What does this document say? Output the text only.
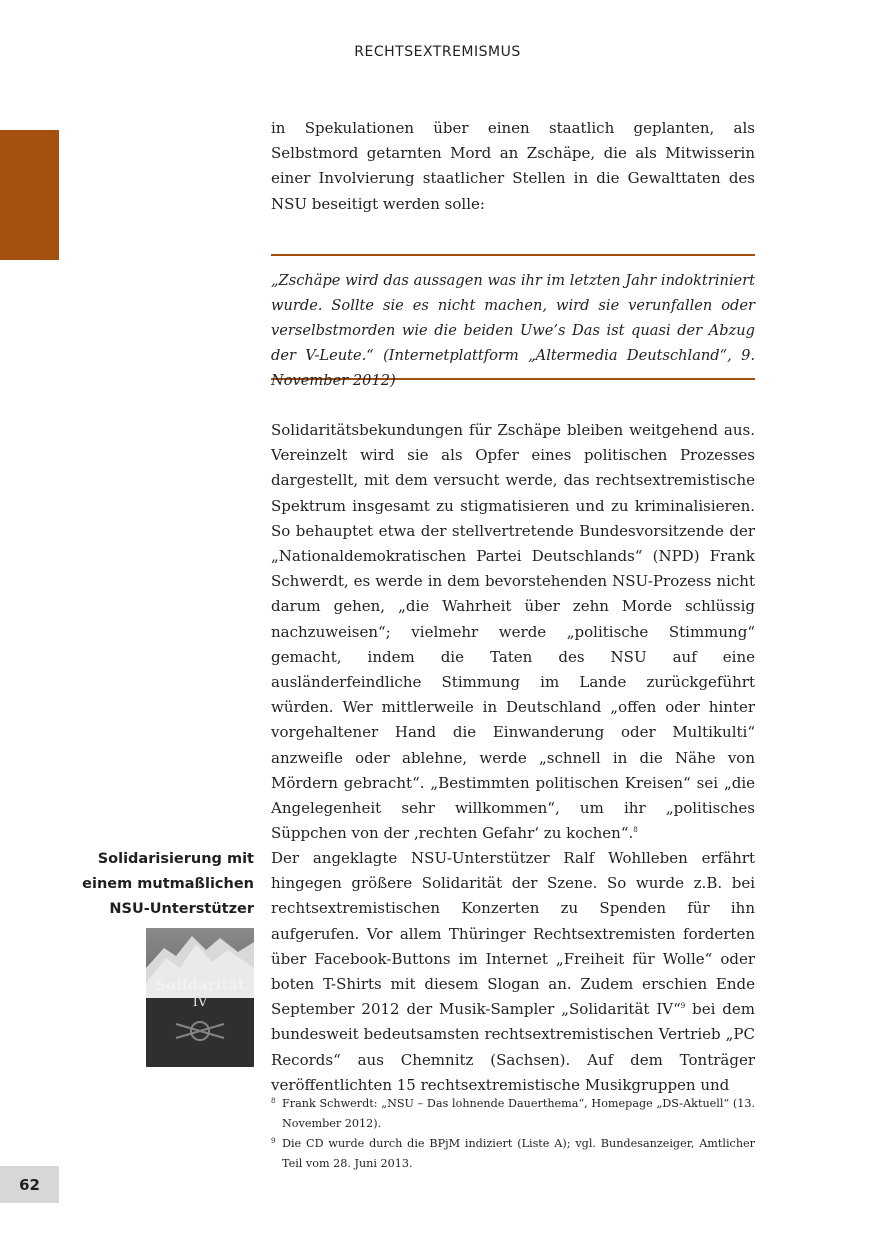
RECHTSEXTREMISMUS

in Spekulationen über einen staatlich geplanten, als Selbstmord getarnten Mord an Zschäpe, die als Mitwisserin einer Involvierung staatlicher Stellen in die Gewalttaten des NSU beseitigt werden solle:

„Zschäpe wird das aussagen was ihr im letzten Jahr indoktriniert wurde. Sollte sie es nicht machen, wird sie verunfallen oder verselbstmorden wie die beiden Uwe’s Das ist quasi der Abzug der V-Leute.“ (Internetplattform „Altermedia Deutschland“, 9. November 2012)

Solidaritätsbekundungen für Zschäpe bleiben weitgehend aus. Vereinzelt wird sie als Opfer eines politischen Prozesses dargestellt, mit dem versucht werde, das rechtsextremistische Spektrum insgesamt zu stigmatisieren und zu kriminalisieren. So behauptet etwa der stellvertretende Bundesvorsitzende der „Nationaldemokratischen Partei Deutschlands“ (NPD) Frank Schwerdt, es werde in dem bevorstehenden NSU-Prozess nicht darum gehen, „die Wahrheit über zehn Morde schlüssig nachzuweisen“; vielmehr werde „politische Stimmung“ gemacht, indem die Taten des NSU auf eine ausländerfeindliche Stimmung im Lande zurückgeführt würden. Wer mittlerweile in Deutschland „offen oder hinter vorgehaltener Hand die Einwanderung oder Multikulti“ anzweifle oder ablehne, werde „schnell in die Nähe von Mördern gebracht“. „Bestimmten politischen Kreisen“ sei „die Angelegenheit sehr willkommen“, um ihr „politisches Süppchen von der ‚rechten Gefahr‘ zu kochen“.$^8$

Solidarisierung mit einem mutmaßlichen NSU-Unterstützer
Solidarität
IV

Der angeklagte NSU-Unterstützer Ralf Wohlleben erfährt hingegen größere Solidarität der Szene. So wurde z.B. bei rechtsextremistischen Konzerten zu Spenden für ihn aufgerufen. Vor allem Thüringer Rechtsextremisten forderten über Facebook-Buttons im Internet „Freiheit für Wolle“ oder boten T-Shirts mit diesem Slogan an. Zudem erschien Ende September 2012 der Musik-Sampler „Solidarität IV“$^9$ bei dem bundesweit bedeutsamsten rechtsextremistischen Vertrieb „PC Records“ aus Chemnitz (Sachsen). Auf dem Tonträger veröffentlichten 15 rechtsextremistische Musikgruppen und

8 Frank Schwerdt: „NSU – Das lohnende Dauerthema“, Homepage „DS-Aktuell“ (13. November 2012).
9 Die CD wurde durch die BPjM indiziert (Liste A); vgl. Bundesanzeiger, Amtlicher Teil vom 28. Juni 2013.
62
